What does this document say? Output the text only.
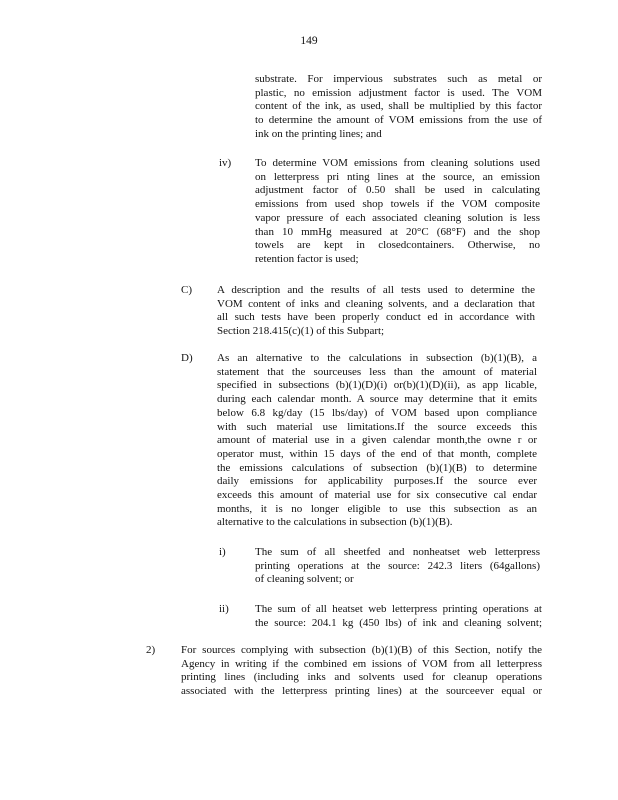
149
substrate. For impervious substrates such as metal or
plastic, no emission adjustment factor is used. The VOM
content of the ink, as used, shall be multiplied by this factor
to determine the amount of VOM emissions from the use of
ink on the printing lines; and
iv) To determine VOM emissions from cleaning solutions used
on letterpress pri nting lines at the source, an emission
adjustment factor of 0.50 shall be used in calculating
emissions from used shop towels if the VOM composite
vapor pressure of each associated cleaning solution is less
than 10 mmHg measured at 20°C (68°F) and the shop
towels are kept in closedcontainers. Otherwise, no
retention factor is used;
C) A description and the results of all tests used to determine the
VOM content of inks and cleaning solvents, and a declaration that
all such tests have been properly conduct ed in accordance with
Section 218.415(c)(1) of this Subpart;
D) As an alternative to the calculations in subsection (b)(1)(B), a
statement that the sourceuses less than the amount of material
specified in subsections (b)(1)(D)(i) or(b)(1)(D)(ii), as app licable,
during each calendar month. A source may determine that it emits
below 6.8 kg/day (15 lbs/day) of VOM based upon compliance
with such material use limitations.If the source exceeds this
amount of material use in a given calendar month,the owne r or
operator must, within 15 days of the end of that month, complete
the emissions calculations of subsection (b)(1)(B) to determine
daily emissions for applicability purposes.If the source ever
exceeds this amount of material use for six consecutive cal endar
months, it is no longer eligible to use this subsection as an
alternative to the calculations in subsection (b)(1)(B).
i)	The sum of all sheetfed and nonheatset web letterpress
printing operations at the source: 242.3 liters (64gallons)
of cleaning solvent; or
ii) The sum of all heatset web letterpress printing operations at
the source: 204.1 kg (450 lbs) of ink and cleaning solvent;
2) For sources complying with subsection (b)(1)(B) of this Section, notify the
Agency in writing if the combined em issions of VOM from all letterpress
printing lines (including inks and solvents used for cleanup operations
associated with the letterpress printing lines) at the sourceever equal or
